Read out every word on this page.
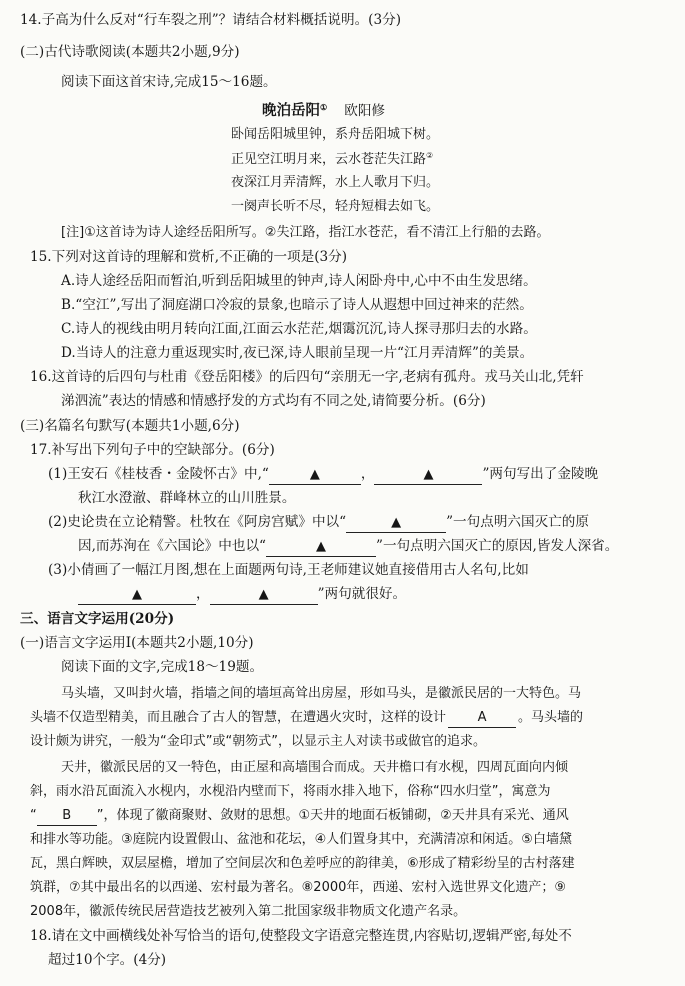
14.子高为什么反对“行车裂之刑”？请结合材料概括说明。(3分)
(二)古代诗歌阅读(本题共2小题,9分)
阅读下面这首宋诗,完成15～16题。
晚泊岳阳① 欧阳修
卧闻岳阳城里钟，系舟岳阳城下树。
正见空江明月来，云水苍茫失江路②
夜深江月弄清辉，水上人歌月下归。
一阕声长听不尽，轻舟短楫去如飞。
[注]①这首诗为诗人途经岳阳所写。②失江路，指江水苍茫，看不清江上行船的去路。
15.下列对这首诗的理解和赏析,不正确的一项是(3分)
A.诗人途经岳阳而暂泊,听到岳阳城里的钟声,诗人闲卧舟中,心中不由生发思绪。
B.“空江”,写出了洞庭湖口冷寂的景象,也暗示了诗人从遐想中回过神来的茫然。
C.诗人的视线由明月转向江面,江面云水茫茫,烟霭沉沉,诗人探寻那归去的水路。
D.当诗人的注意力重返现实时,夜已深,诗人眼前呈现一片“江月弄清辉”的美景。
16.这首诗的后四句与杜甫《登岳阳楼》的后四句“亲朋无一字,老病有孤舟。戎马关山北,凭轩
涕泗流”表达的情感和情感抒发的方式均有不同之处,请简要分析。(6分)
(三)名篇名句默写(本题共1小题,6分)
17.补写出下列句子中的空缺部分。(6分)
(1)王安石《桂枝香・金陵怀古》中,“	▲	，	▲	”两句写出了金陵晚
秋江水澄澈、群峰林立的山川胜景。
(2)史论贵在立论精警。杜牧在《阿房宫赋》中以“	▲	”一句点明六国灭亡的原
因,而苏洵在《六国论》中也以“	▲	”一句点明六国灭亡的原因,皆发人深省。
(3)小倩画了一幅江月图,想在上面题两句诗,王老师建议她直接借用古人名句,比如
▲	，	▲	”两句就很好。
三、语言文字运用(20分)
(一)语言文字运用Ⅰ(本题共2小题,10分)
阅读下面的文字,完成18～19题。
马头墙，又叫封火墙，指墙之间的墙垣高耸出房屋，形如马头，是徽派民居的一大特色。马
头墙不仅造型精美，而且融合了古人的智慧，在遭遇火灾时，这样的设计 A 。马头墙的
设计颇为讲究，一般为“金印式”或“朝笏式”，以显示主人对读书或做官的追求。
天井，徽派民居的又一特色，由正屋和高墙围合而成。天井檐口有水枧，四周瓦面向内倾
斜，雨水沿瓦面流入水枧内，水枧沿内壁而下，将雨水排入地下，俗称“四水归堂”，寓意为
“ B ”，体现了徽商聚财、敛财的思想。①天井的地面石板铺砌，②天井具有采光、通风
和排水等功能。③庭院内设置假山、盆池和花坛，④人们置身其中，充满清凉和闲适。⑤白墙黛
瓦，黑白辉映，双层屋檐，增加了空间层次和色差呼应的韵律美，⑥形成了精彩纷呈的古村落建
筑群，⑦其中最出名的以西递、宏村最为著名。⑧2000年，西递、宏村入选世界文化遗产；⑨
2008年，徽派传统民居营造技艺被列入第二批国家级非物质文化遗产名录。
18.请在文中画横线处补写恰当的语句,使整段文字语意完整连贯,内容贴切,逻辑严密,每处不
超过10个字。(4分)
